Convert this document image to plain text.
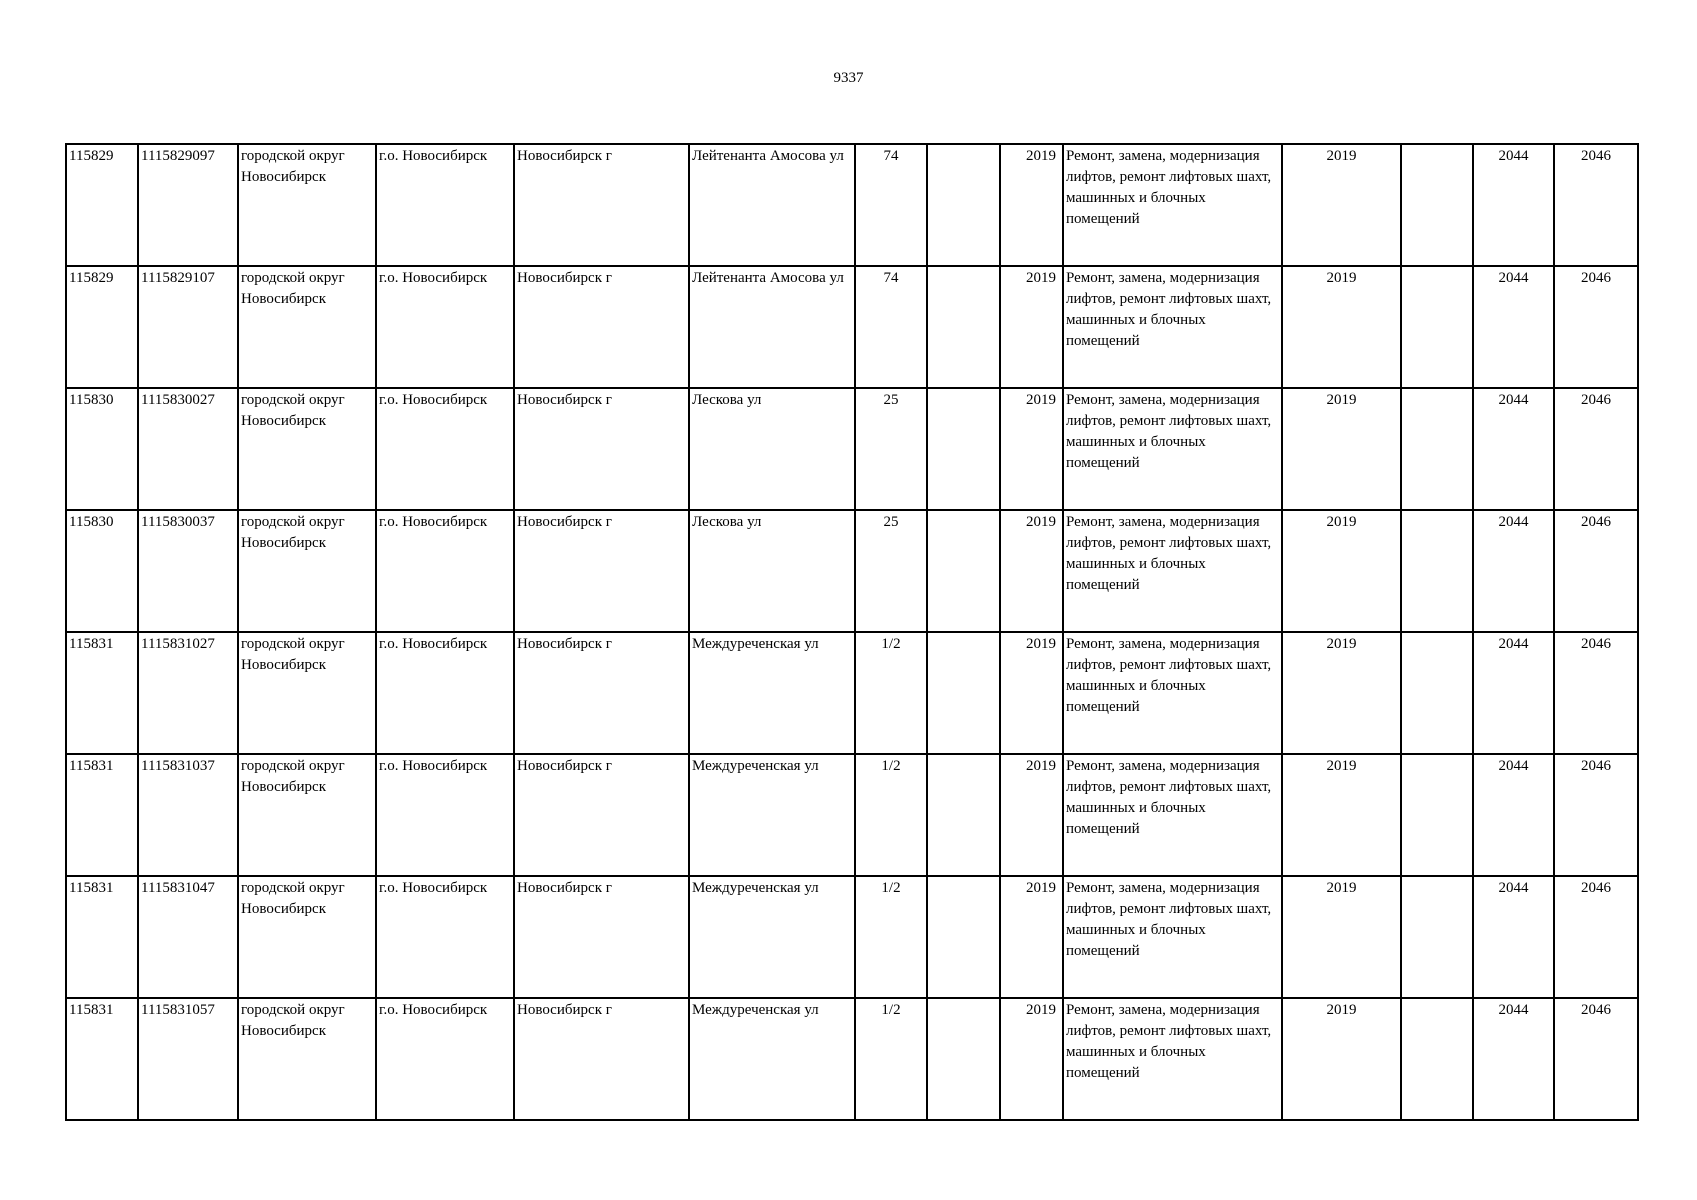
9337
115829	1115829097	городской округ Новосибирск	г.о. Новосибирск	Новосибирск г	Лейтенанта Амосова ул	74		2019	Ремонт, замена, модернизация лифтов, ремонт лифтовых шахт, машинных и блочных помещений	2019		2044	2046
115829	1115829107	городской округ Новосибирск	г.о. Новосибирск	Новосибирск г	Лейтенанта Амосова ул	74		2019	Ремонт, замена, модернизация лифтов, ремонт лифтовых шахт, машинных и блочных помещений	2019		2044	2046
115830	1115830027	городской округ Новосибирск	г.о. Новосибирск	Новосибирск г	Лескова ул	25		2019	Ремонт, замена, модернизация лифтов, ремонт лифтовых шахт, машинных и блочных помещений	2019		2044	2046
115830	1115830037	городской округ Новосибирск	г.о. Новосибирск	Новосибирск г	Лескова ул	25		2019	Ремонт, замена, модернизация лифтов, ремонт лифтовых шахт, машинных и блочных помещений	2019		2044	2046
115831	1115831027	городской округ Новосибирск	г.о. Новосибирск	Новосибирск г	Междуреченская ул	1/2		2019	Ремонт, замена, модернизация лифтов, ремонт лифтовых шахт, машинных и блочных помещений	2019		2044	2046
115831	1115831037	городской округ Новосибирск	г.о. Новосибирск	Новосибирск г	Междуреченская ул	1/2		2019	Ремонт, замена, модернизация лифтов, ремонт лифтовых шахт, машинных и блочных помещений	2019		2044	2046
115831	1115831047	городской округ Новосибирск	г.о. Новосибирск	Новосибирск г	Междуреченская ул	1/2		2019	Ремонт, замена, модернизация лифтов, ремонт лифтовых шахт, машинных и блочных помещений	2019		2044	2046
115831	1115831057	городской округ Новосибирск	г.о. Новосибирск	Новосибирск г	Междуреченская ул	1/2		2019	Ремонт, замена, модернизация лифтов, ремонт лифтовых шахт, машинных и блочных помещений	2019		2044	2046
